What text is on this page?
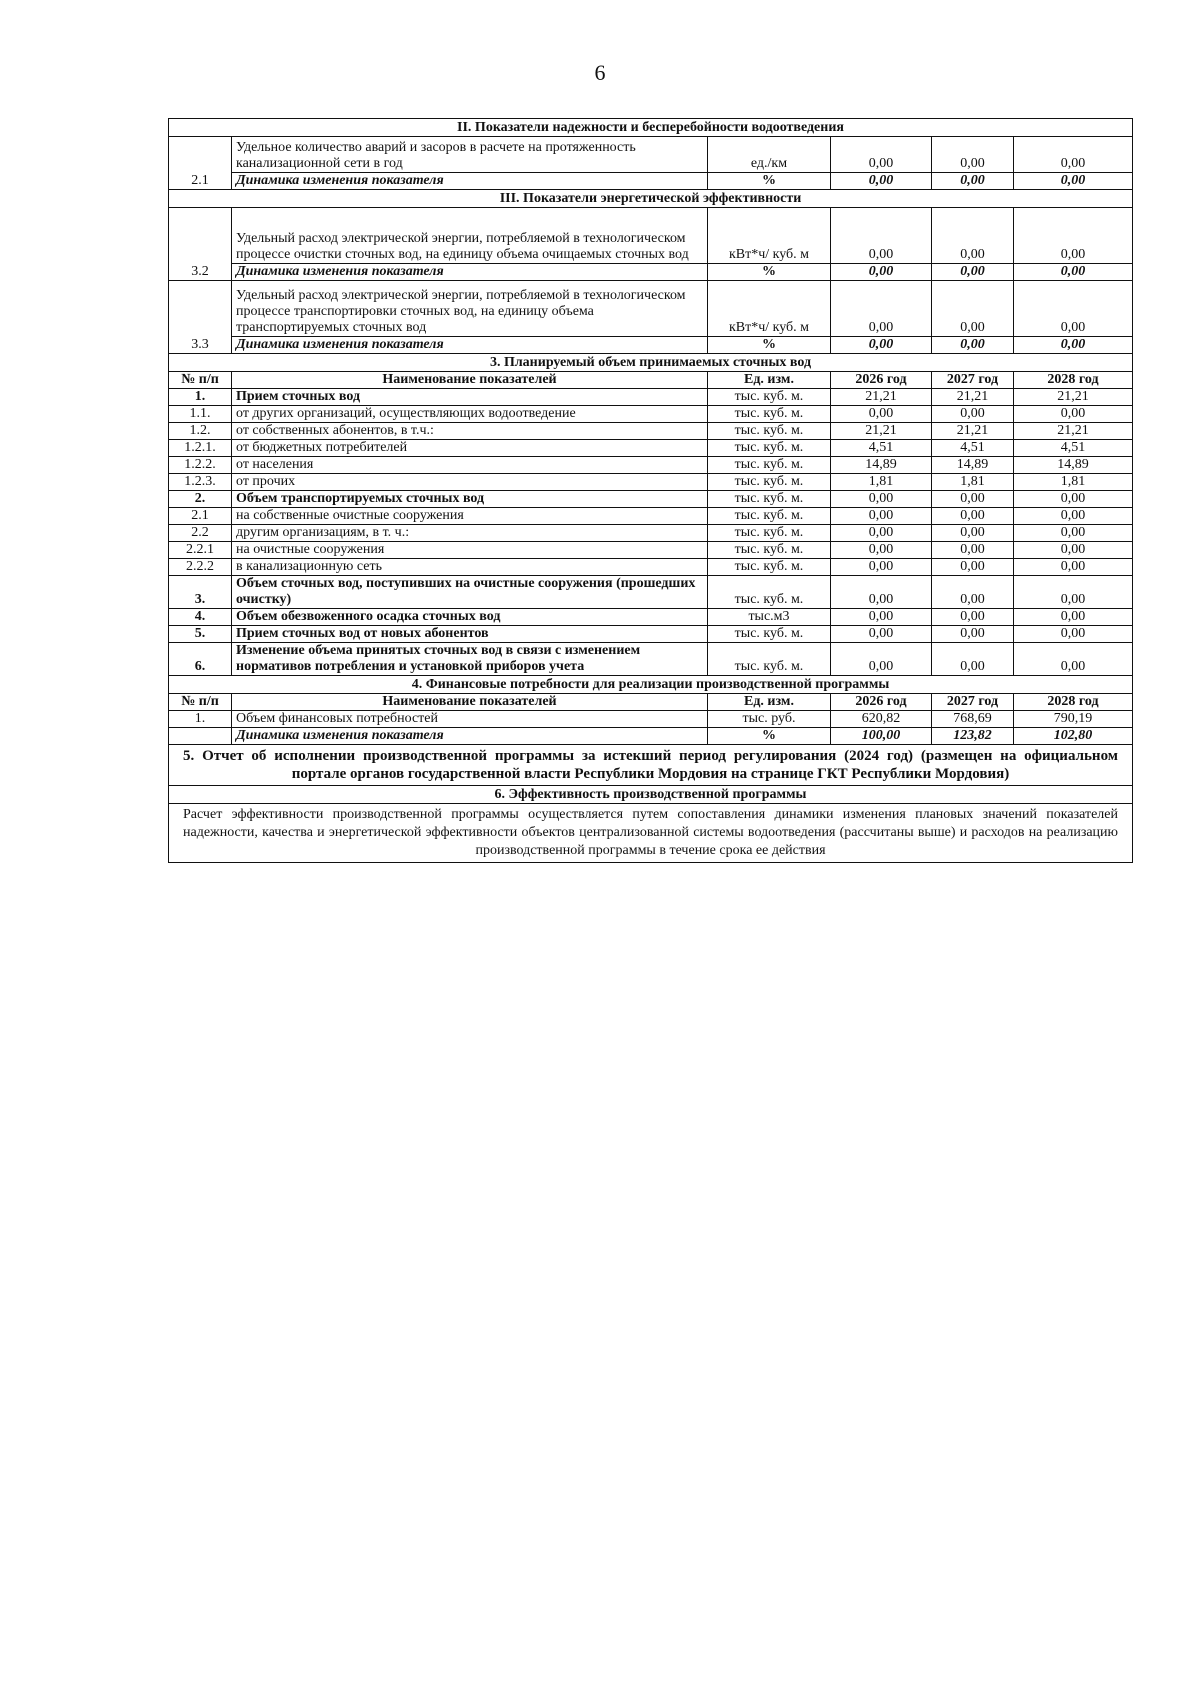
6
II. Показатели надежности и бесперебойности водоотведения					
2.1	Удельное количество аварий и засоров в расчете на протяженность канализационной сети в год	ед./км	0,00	0,00	0,00
	Динамика изменения показателя	%	0,00	0,00	0,00
III. Показатели энергетической эффективности					
3.2	Удельный расход электрической энергии, потребляемой в технологическом процессе очистки сточных вод, на единицу объема очищаемых сточных вод	кВт*ч/ куб. м	0,00	0,00	0,00
	Динамика изменения показателя	%	0,00	0,00	0,00
3.3	Удельный расход электрической энергии, потребляемой в технологическом процессе транспортировки сточных вод, на единицу объема транспортируемых сточных вод	кВт*ч/ куб. м	0,00	0,00	0,00
	Динамика изменения показателя	%	0,00	0,00	0,00
3. Планируемый объем принимаемых сточных вод					
№ п/п	Наименование показателей	Ед. изм.	2026 год	2027 год	2028 год
1.	Прием сточных вод	тыс. куб. м.	21,21	21,21	21,21
1.1.	от других организаций, осуществляющих водоотведение	тыс. куб. м.	0,00	0,00	0,00
1.2.	от собственных абонентов, в т.ч.:	тыс. куб. м.	21,21	21,21	21,21
1.2.1.	от бюджетных потребителей	тыс. куб. м.	4,51	4,51	4,51
1.2.2.	от населения	тыс. куб. м.	14,89	14,89	14,89
1.2.3.	от прочих	тыс. куб. м.	1,81	1,81	1,81
2.	Объем транспортируемых сточных вод	тыс. куб. м.	0,00	0,00	0,00
2.1	на собственные очистные сооружения	тыс. куб. м.	0,00	0,00	0,00
2.2	другим организациям, в т. ч.:	тыс. куб. м.	0,00	0,00	0,00
2.2.1	на очистные сооружения	тыс. куб. м.	0,00	0,00	0,00
2.2.2	в канализационную сеть	тыс. куб. м.	0,00	0,00	0,00
3.	Объем сточных вод, поступивших на очистные сооружения (прошедших очистку)	тыс. куб. м.	0,00	0,00	0,00
4.	Объем обезвоженного осадка сточных вод	тыс.м3	0,00	0,00	0,00
5.	Прием сточных вод от новых абонентов	тыс. куб. м.	0,00	0,00	0,00
6.	Изменение объема принятых сточных вод в связи с изменением нормативов потребления и установкой приборов учета	тыс. куб. м.	0,00	0,00	0,00
4. Финансовые потребности для реализации производственной программы					
№ п/п	Наименование показателей	Ед. изм.	2026 год	2027 год	2028 год
1.	Объем финансовых потребностей	тыс. руб.	620,82	768,69	790,19
	Динамика изменения показателя	%	100,00	123,82	102,80
5. Отчет об исполнении производственной программы за истекший период регулирования (2024 год) (размещен на официальном портале органов государственной власти Республики Мордовия на странице ГКТ Республики Мордовия)					
6. Эффективность производственной программы					
Расчет эффективности производственной программы осуществляется путем сопоставления динамики изменения плановых значений показателей надежности, качества и энергетической эффективности объектов централизованной системы водоотведения (рассчитаны выше) и расходов на реализацию производственной программы в течение срока ее действия					
